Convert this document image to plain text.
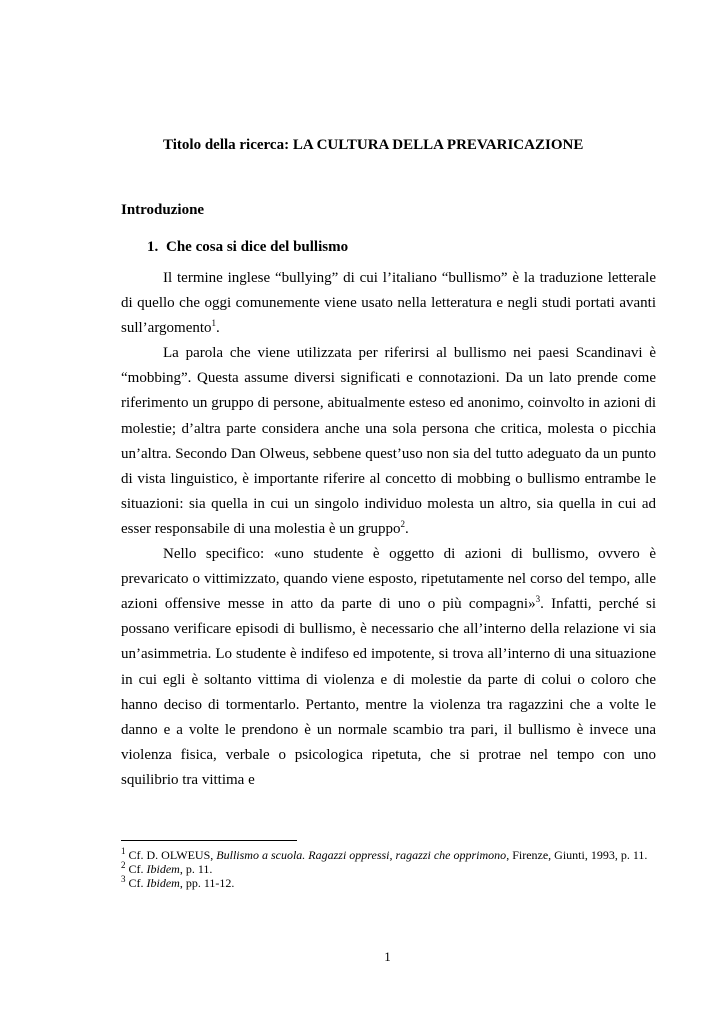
Titolo della ricerca: LA CULTURA DELLA PREVARICAZIONE

Introduzione

1. Che cosa si dice del bullismo

Il termine inglese “bullying” di cui l’italiano “bullismo” è la traduzione letterale di quello che oggi comunemente viene usato nella letteratura e negli studi portati avanti sull’argomento$^1$.

La parola che viene utilizzata per riferirsi al bullismo nei paesi Scandinavi è “mobbing”. Questa assume diversi significati e connotazioni. Da un lato prende come riferimento un gruppo di persone, abitualmente esteso ed anonimo, coinvolto in azioni di molestie; d’altra parte considera anche una sola persona che critica, molesta o picchia un’altra. Secondo Dan Olweus, sebbene quest’uso non sia del tutto adeguato da un punto di vista linguistico, è importante riferire al concetto di mobbing o bullismo entrambe le situazioni: sia quella in cui un singolo individuo molesta un altro, sia quella in cui ad esser responsabile di una molestia è un gruppo$^2$.

Nello specifico: «uno studente è oggetto di azioni di bullismo, ovvero è prevaricato o vittimizzato, quando viene esposto, ripetutamente nel corso del tempo, alle azioni offensive messe in atto da parte di uno o più compagni»$^3$. Infatti, perché si possano verificare episodi di bullismo, è necessario che all’interno della relazione vi sia un’asimmetria. Lo studente è indifeso ed impotente, si trova all’interno di una situazione in cui egli è soltanto vittima di violenza e di molestie da parte di colui o coloro che hanno deciso di tormentarlo. Pertanto, mentre la violenza tra ragazzini che a volte le danno e a volte le prendono è un normale scambio tra pari, il bullismo è invece una violenza fisica, verbale o psicologica ripetuta, che si protrae nel tempo con uno squilibrio tra vittima e

$^1$ Cf. D. OLWEUS, Bullismo a scuola. Ragazzi oppressi, ragazzi che opprimono, Firenze, Giunti, 1993, p. 11.

$^2$ Cf. Ibidem, p. 11.

$^3$ Cf. Ibidem, pp. 11-12.

1
